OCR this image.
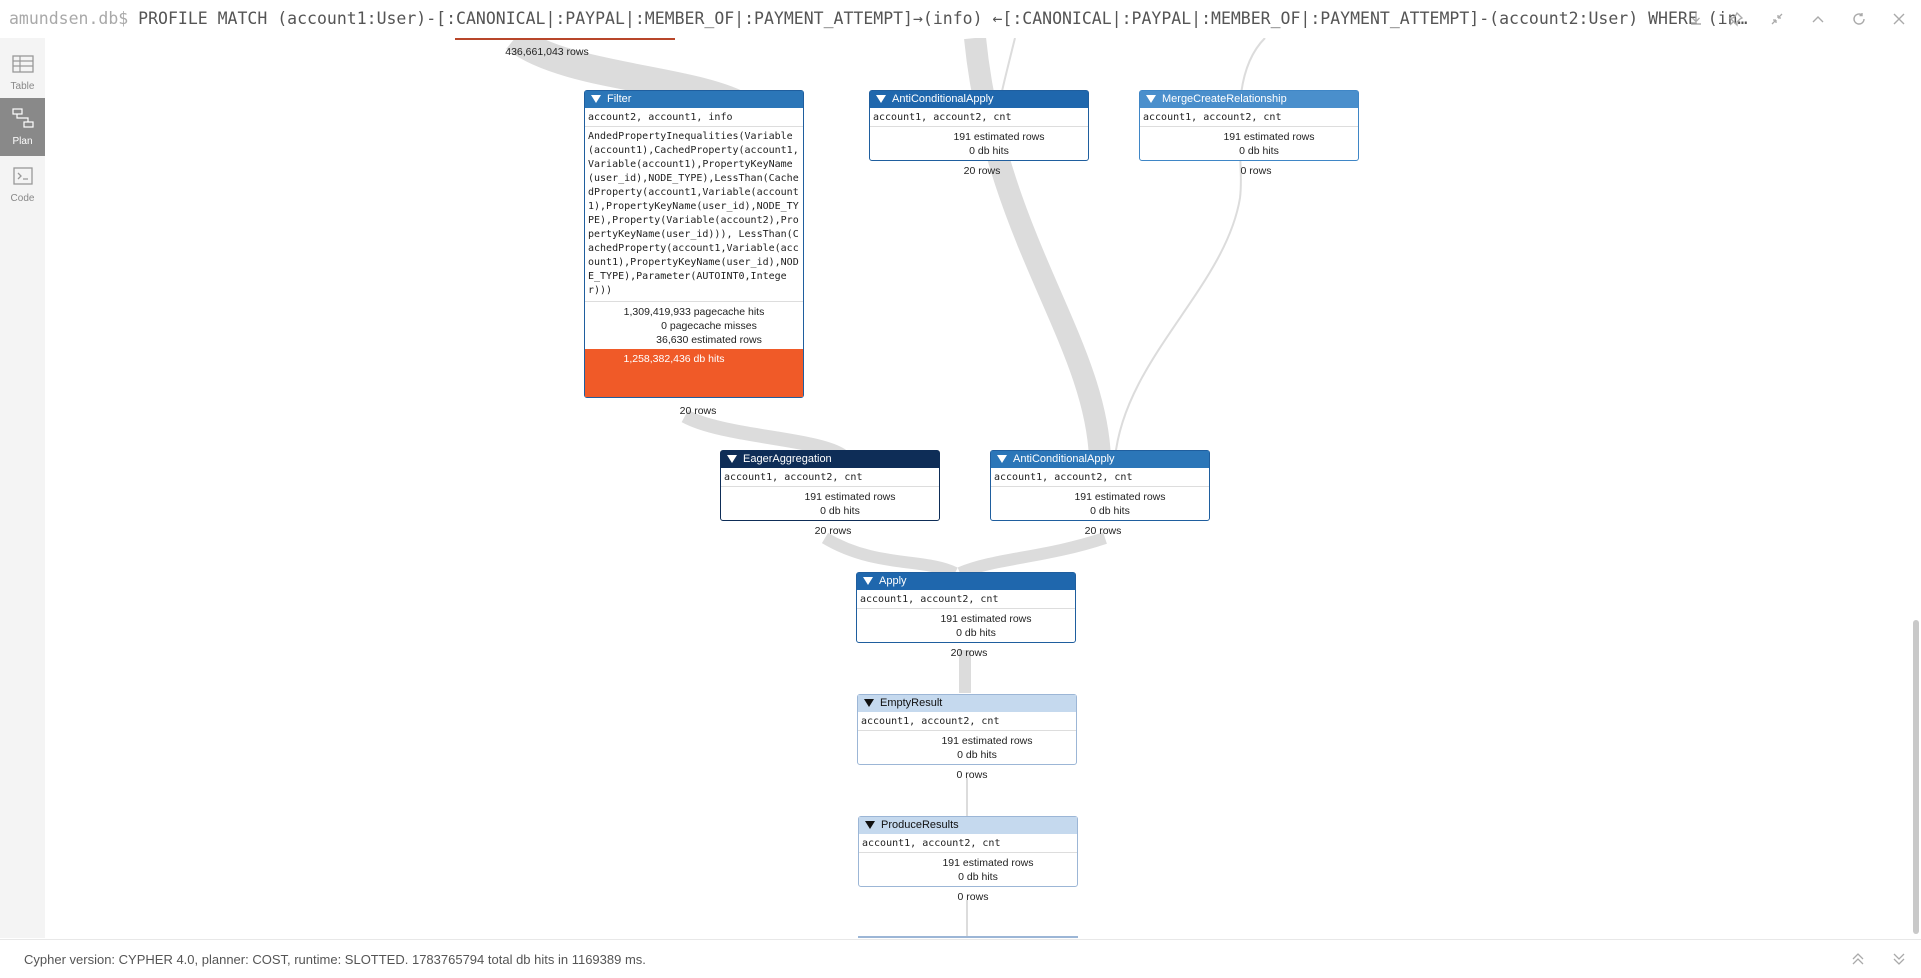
amundsen.db$ PROFILE MATCH (account1:User)-[:CANONICAL|:PAYPAL|:MEMBER_OF|:PAYMENT_ATTEMPT]→(info) ←[:CANONICAL|:PAYPAL|:MEMBER_OF|:PAYMENT_ATTEMPT]-(account2:User) WHERE (in…
Table
Plan
Code
436,661,043 rows
Filter
account2, account1, info
AndedPropertyInequalities(Variable(account1),CachedProperty(account1,Variable(account1),PropertyKeyName(user_id),NODE_TYPE),LessThan(CachedProperty(account1,Variable(account1),PropertyKeyName(user_id),NODE_TYPE),Property(Variable(account2),PropertyKeyName(user_id))), LessThan(CachedProperty(account1,Variable(account1),PropertyKeyName(user_id),NODE_TYPE),Parameter(AUTOINT0,Integer)))
1,309,419,933 pagecache hits
0 pagecache misses
36,630 estimated rows
1,258,382,436 db hits
20 rows
AntiConditionalApply
account1, account2, cnt
191 estimated rows
0 db hits
20 rows
MergeCreateRelationship
account1, account2, cnt
191 estimated rows
0 db hits
0 rows
EagerAggregation
account1, account2, cnt
191 estimated rows
0 db hits
20 rows
AntiConditionalApply
account1, account2, cnt
191 estimated rows
0 db hits
20 rows
Apply
account1, account2, cnt
191 estimated rows
0 db hits
20 rows
EmptyResult
account1, account2, cnt
191 estimated rows
0 db hits
0 rows
ProduceResults
account1, account2, cnt
191 estimated rows
0 db hits
0 rows
Cypher version: CYPHER 4.0, planner: COST, runtime: SLOTTED. 1783765794 total db hits in 1169389 ms.
